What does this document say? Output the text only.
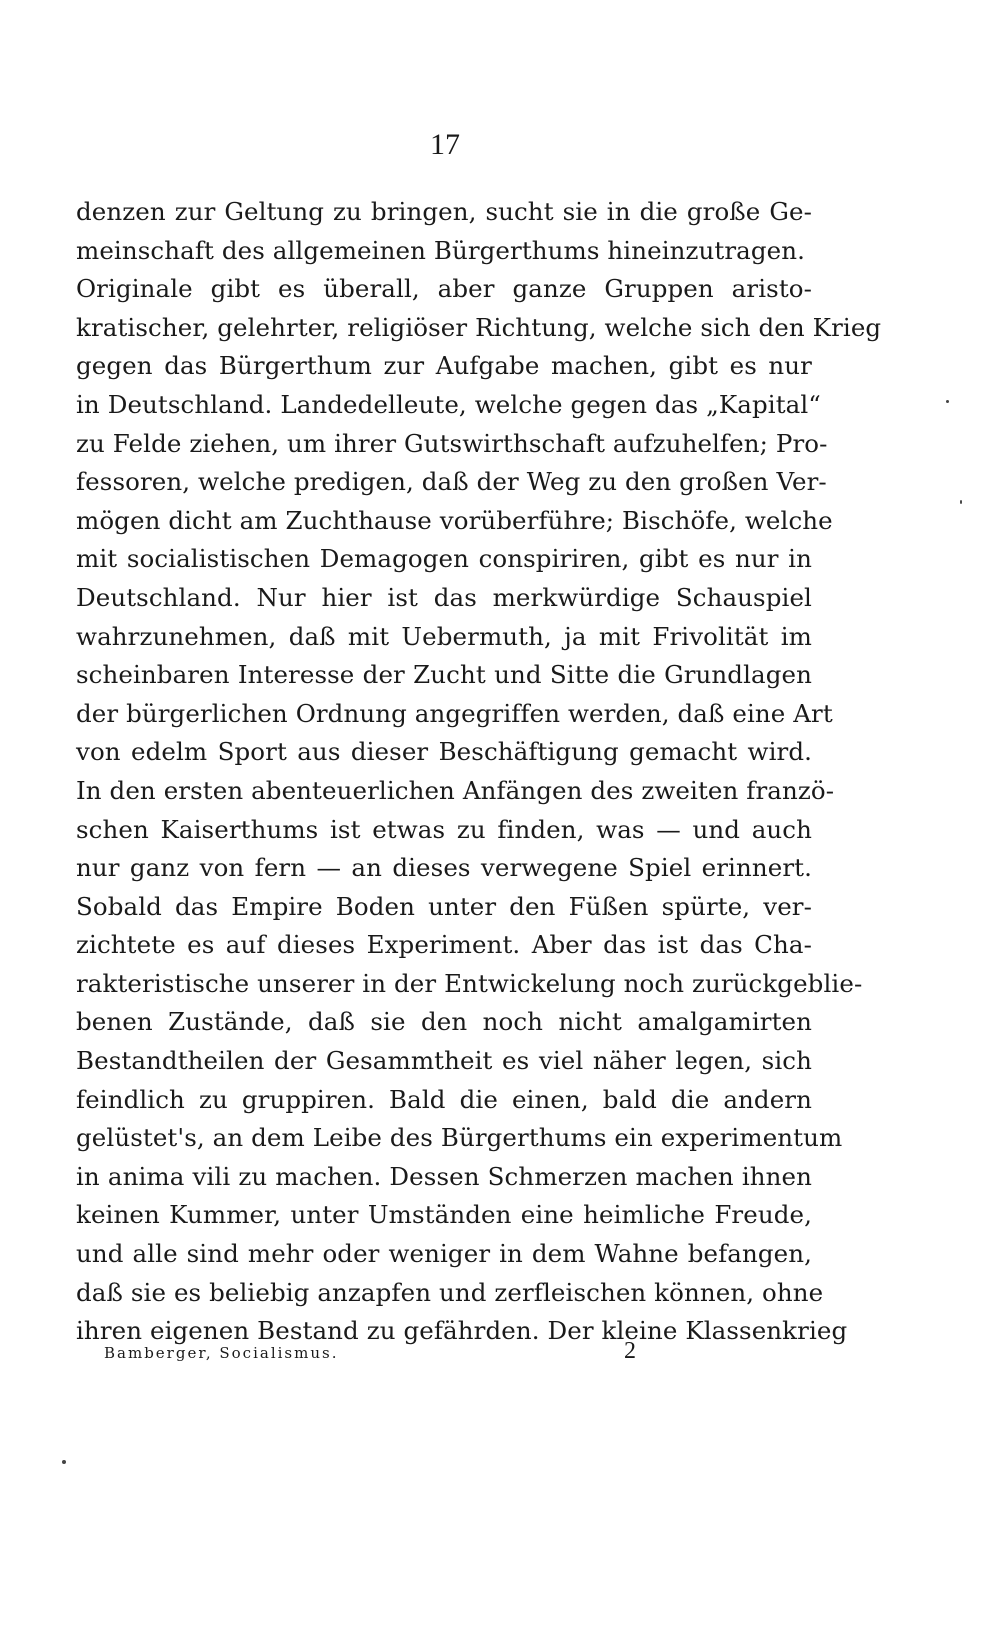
17
denzen zur Geltung zu bringen, sucht sie in die große Ge-
meinschaft des allgemeinen Bürgerthums hineinzutragen.
Originale gibt es überall, aber ganze Gruppen aristo-
kratischer, gelehrter, religiöser Richtung, welche sich den Krieg
gegen das Bürgerthum zur Aufgabe machen, gibt es nur
in Deutschland. Landedelleute, welche gegen das „Kapital“
zu Felde ziehen, um ihrer Gutswirthschaft aufzuhelfen; Pro-
fessoren, welche predigen, daß der Weg zu den großen Ver-
mögen dicht am Zuchthause vorüberführe; Bischöfe, welche
mit socialistischen Demagogen conspiriren, gibt es nur in
Deutschland. Nur hier ist das merkwürdige Schauspiel
wahrzunehmen, daß mit Uebermuth, ja mit Frivolität im
scheinbaren Interesse der Zucht und Sitte die Grundlagen
der bürgerlichen Ordnung angegriffen werden, daß eine Art
von edelm Sport aus dieser Beschäftigung gemacht wird.
In den ersten abenteuerlichen Anfängen des zweiten franzö-
schen Kaiserthums ist etwas zu finden, was — und auch
nur ganz von fern — an dieses verwegene Spiel erinnert.
Sobald das Empire Boden unter den Füßen spürte, ver-
zichtete es auf dieses Experiment. Aber das ist das Cha-
rakteristische unserer in der Entwickelung noch zurückgeblie-
benen Zustände, daß sie den noch nicht amalgamirten
Bestandtheilen der Gesammtheit es viel näher legen, sich
feindlich zu gruppiren. Bald die einen, bald die andern
gelüstet's, an dem Leibe des Bürgerthums ein experimentum
in anima vili zu machen. Dessen Schmerzen machen ihnen
keinen Kummer, unter Umständen eine heimliche Freude,
und alle sind mehr oder weniger in dem Wahne befangen,
daß sie es beliebig anzapfen und zerfleischen können, ohne
ihren eigenen Bestand zu gefährden. Der kleine Klassenkrieg
Bamberger, Socialismus.	2
